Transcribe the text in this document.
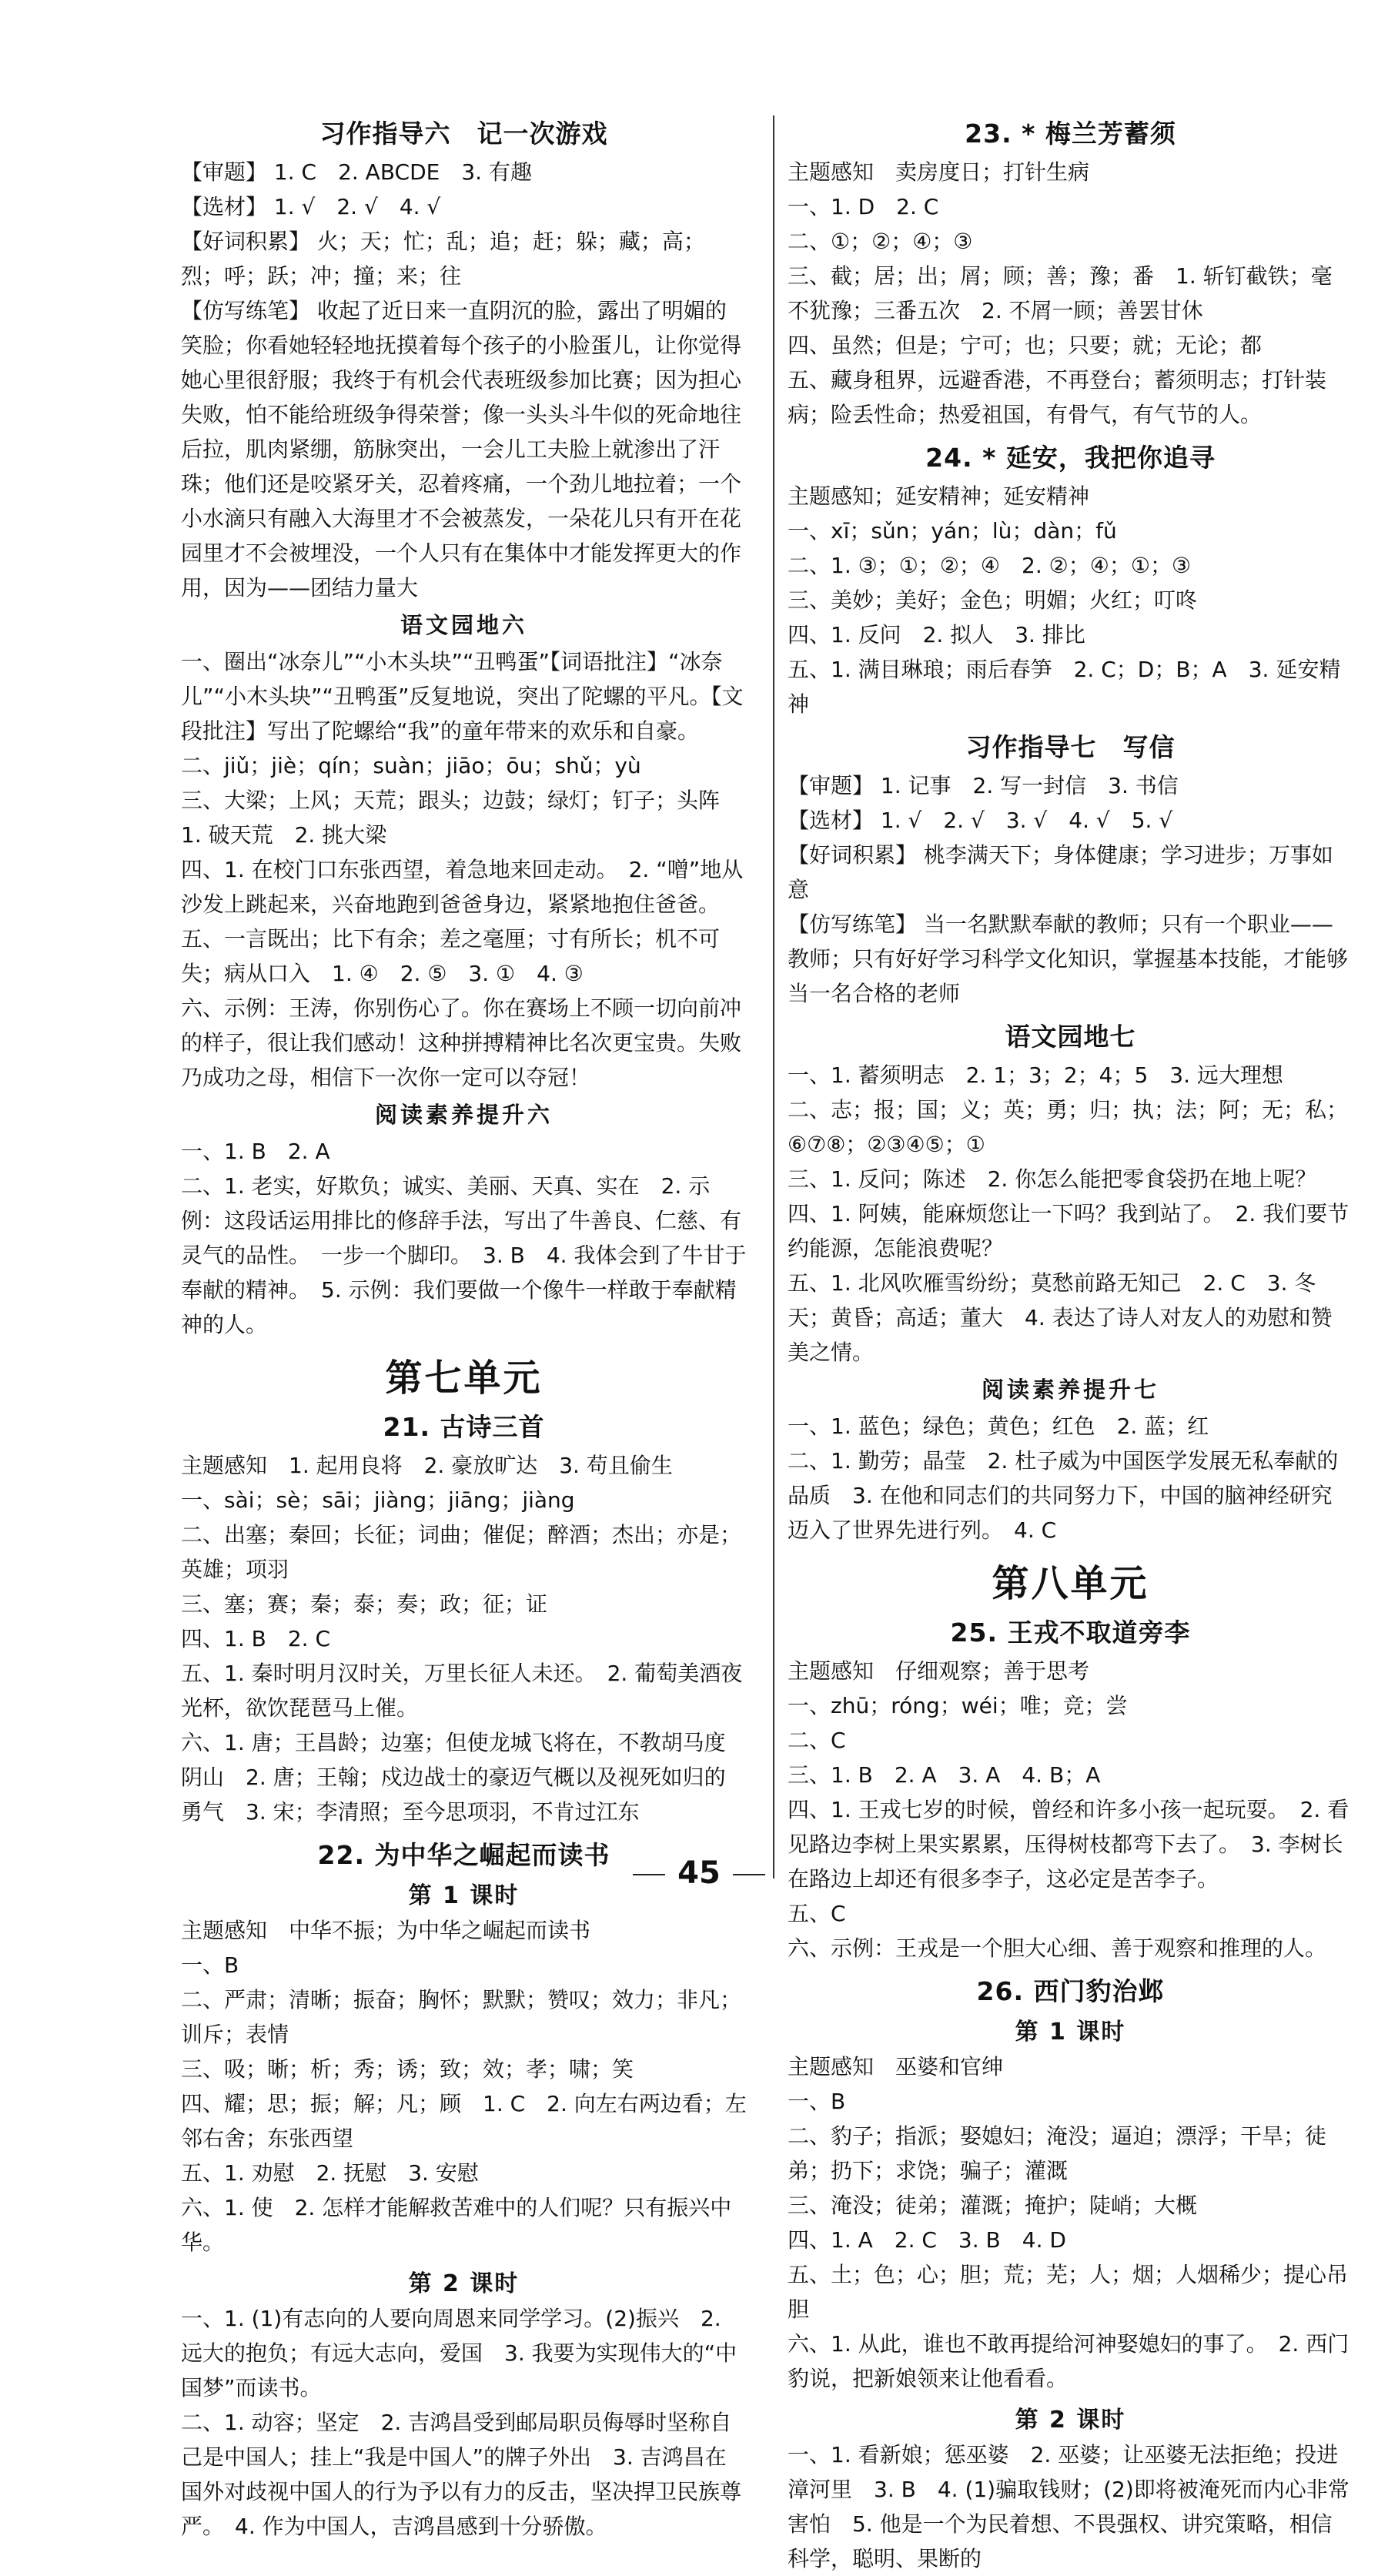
习作指导六　记一次游戏
【审题】 1. C　2. ABCDE　3. 有趣
【选材】 1. √　2. √　4. √
【好词积累】 火；天；忙；乱；追；赶；躲；藏；高；烈；呼；跃；冲；撞；来；往
【仿写练笔】 收起了近日来一直阴沉的脸，露出了明媚的笑脸；你看她轻轻地抚摸着每个孩子的小脸蛋儿，让你觉得她心里很舒服；我终于有机会代表班级参加比赛；因为担心失败，怕不能给班级争得荣誉；像一头头斗牛似的死命地往后拉，肌肉紧绷，筋脉突出，一会儿工夫脸上就渗出了汗珠；他们还是咬紧牙关，忍着疼痛，一个劲儿地拉着；一个小水滴只有融入大海里才不会被蒸发，一朵花儿只有开在花园里才不会被埋没，一个人只有在集体中才能发挥更大的作用，因为——团结力量大
语文园地六
一、圈出“冰奈儿”“小木头块”“丑鸭蛋”【词语批注】“冰奈儿”“小木头块”“丑鸭蛋”反复地说，突出了陀螺的平凡。【文段批注】写出了陀螺给“我”的童年带来的欢乐和自豪。
二、jiǔ；jiè；qín；suàn；jiāo；ōu；shǔ；yù
三、大梁；上风；天荒；跟头；边鼓；绿灯；钉子；头阵　1. 破天荒　2. 挑大梁
四、1. 在校门口东张西望，着急地来回走动。　2. “噌”地从沙发上跳起来，兴奋地跑到爸爸身边，紧紧地抱住爸爸。
五、一言既出；比下有余；差之毫厘；寸有所长；机不可失；病从口入　1. ④　2. ⑤　3. ①　4. ③
六、示例：王涛，你别伤心了。你在赛场上不顾一切向前冲的样子，很让我们感动！这种拼搏精神比名次更宝贵。失败乃成功之母，相信下一次你一定可以夺冠！
阅读素养提升六
一、1. B　2. A
二、1. 老实，好欺负；诚实、美丽、天真、实在　2. 示例：这段话运用排比的修辞手法，写出了牛善良、仁慈、有灵气的品性。　一步一个脚印。　3. B　4. 我体会到了牛甘于奉献的精神。　5. 示例：我们要做一个像牛一样敢于奉献精神的人。
第七单元
21. 古诗三首
主题感知　1. 起用良将　2. 豪放旷达　3. 苟且偷生
一、sài；sè；sāi；jiàng；jiāng；jiàng
二、出塞；秦回；长征；词曲；催促；醉酒；杰出；亦是；英雄；项羽
三、塞；赛；秦；泰；奏；政；征；证
四、1. B　2. C
五、1. 秦时明月汉时关，万里长征人未还。　2. 葡萄美酒夜光杯，欲饮琵琶马上催。
六、1. 唐；王昌龄；边塞；但使龙城飞将在，不教胡马度阴山　2. 唐；王翰；戍边战士的豪迈气概以及视死如归的勇气　3. 宋；李清照；至今思项羽，不肯过江东
22. 为中华之崛起而读书
第 1 课时
主题感知　中华不振；为中华之崛起而读书
一、B
二、严肃；清晰；振奋；胸怀；默默；赞叹；效力；非凡；训斥；表情
三、吸；晰；析；秀；诱；致；效；孝；啸；笑
四、耀；思；振；解；凡；顾　1. C　2. 向左右两边看；左邻右舍；东张西望
五、1. 劝慰　2. 抚慰　3. 安慰
六、1. 使　2. 怎样才能解救苦难中的人们呢？只有振兴中华。
第 2 课时
一、1. (1)有志向的人要向周恩来同学学习。(2)振兴　2. 远大的抱负；有远大志向，爱国　3. 我要为实现伟大的“中国梦”而读书。
二、1. 动容；坚定　2. 吉鸿昌受到邮局职员侮辱时坚称自己是中国人；挂上“我是中国人”的牌子外出　3. 吉鸿昌在国外对歧视中国人的行为予以有力的反击，坚决捍卫民族尊严。　4. 作为中国人，吉鸿昌感到十分骄傲。
23. * 梅兰芳蓄须
主题感知　卖房度日；打针生病
一、1. D　2. C
二、①；②；④；③
三、截；居；出；屑；顾；善；豫；番　1. 斩钉截铁；毫不犹豫；三番五次　2. 不屑一顾；善罢甘休
四、虽然；但是；宁可；也；只要；就；无论；都
五、藏身租界，远避香港，不再登台；蓄须明志；打针装病；险丢性命；热爱祖国，有骨气，有气节的人。
24. * 延安，我把你追寻
主题感知；延安精神；延安精神
一、xī；sǔn；yán；lù；dàn；fǔ
二、1. ③；①；②；④　2. ②；④；①；③
三、美妙；美好；金色；明媚；火红；叮咚
四、1. 反问　2. 拟人　3. 排比
五、1. 满目琳琅；雨后春笋　2. C；D；B；A　3. 延安精神
习作指导七　写信
【审题】 1. 记事　2. 写一封信　3. 书信
【选材】 1. √　2. √　3. √　4. √　5. √
【好词积累】 桃李满天下；身体健康；学习进步；万事如意
【仿写练笔】 当一名默默奉献的教师；只有一个职业——教师；只有好好学习科学文化知识，掌握基本技能，才能够当一名合格的老师
语文园地七
一、1. 蓄须明志　2. 1；3；2；4；5　3. 远大理想
二、志；报；国；义；英；勇；归；执；法；阿；无；私；⑥⑦⑧；②③④⑤；①
三、1. 反问；陈述　2. 你怎么能把零食袋扔在地上呢？
四、1. 阿姨，能麻烦您让一下吗？我到站了。　2. 我们要节约能源，怎能浪费呢？
五、1. 北风吹雁雪纷纷；莫愁前路无知己　2. C　3. 冬天；黄昏；高适；董大　4. 表达了诗人对友人的劝慰和赞美之情。
阅读素养提升七
一、1. 蓝色；绿色；黄色；红色　2. 蓝；红
二、1. 勤劳；晶莹　2. 杜子威为中国医学发展无私奉献的品质　3. 在他和同志们的共同努力下，中国的脑神经研究迈入了世界先进行列。　4. C
第八单元
25. 王戎不取道旁李
主题感知　仔细观察；善于思考
一、zhū；róng；wéi；唯；竞；尝
二、C
三、1. B　2. A　3. A　4. B；A
四、1. 王戎七岁的时候，曾经和许多小孩一起玩耍。　2. 看见路边李树上果实累累，压得树枝都弯下去了。　3. 李树长在路边上却还有很多李子，这必定是苦李子。
五、C
六、示例：王戎是一个胆大心细、善于观察和推理的人。
26. 西门豹治邺
第 1 课时
主题感知　巫婆和官绅
一、B
二、豹子；指派；娶媳妇；淹没；逼迫；漂浮；干旱；徒弟；扔下；求饶；骗子；灌溉
三、淹没；徒弟；灌溉；掩护；陡峭；大概
四、1. A　2. C　3. B　4. D
五、土；色；心；胆；荒；芜；人；烟；人烟稀少；提心吊胆
六、1. 从此，谁也不敢再提给河神娶媳妇的事了。　2. 西门豹说，把新娘领来让他看看。
第 2 课时
一、1. 看新娘；惩巫婆　2. 巫婆；让巫婆无法拒绝；投进漳河里　3. B　4. (1)骗取钱财；(2)即将被淹死而内心非常害怕　5. 他是一个为民着想、不畏强权、讲究策略，相信科学，聪明、果断的
45
